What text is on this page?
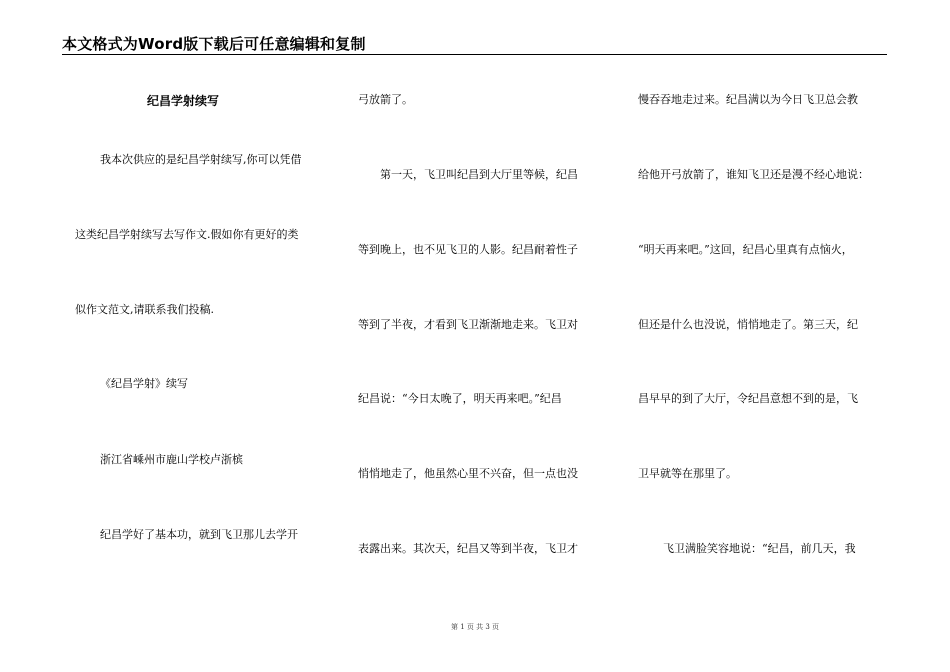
本文格式为Word版下载后可任意编辑和复制
纪昌学射续写
我本次供应的是纪昌学射续写,你可以凭借
这类纪昌学射续写去写作文.假如你有更好的类
似作文范文,请联系我们投稿.
《纪昌学射》续写
浙江省嵊州市鹿山学校卢浙槟
纪昌学好了基本功，就到飞卫那儿去学开
弓放箭了。
第一天，飞卫叫纪昌到大厅里等候，纪昌
等到晚上，也不见飞卫的人影。纪昌耐着性子
等到了半夜，才看到飞卫渐渐地走来。飞卫对
纪昌说：“今日太晚了，明天再来吧。”纪昌
悄悄地走了，他虽然心里不兴奋，但一点也没
表露出来。其次天，纪昌又等到半夜，飞卫才
慢吞吞地走过来。纪昌满以为今日飞卫总会教
给他开弓放箭了，谁知飞卫还是漫不经心地说：
“明天再来吧。”这回，纪昌心里真有点恼火，
但还是什么也没说，悄悄地走了。第三天，纪
昌早早的到了大厅，令纪昌意想不到的是，飞
卫早就等在那里了。
飞卫满脸笑容地说：“纪昌，前几天，我
第 1 页 共 3 页
